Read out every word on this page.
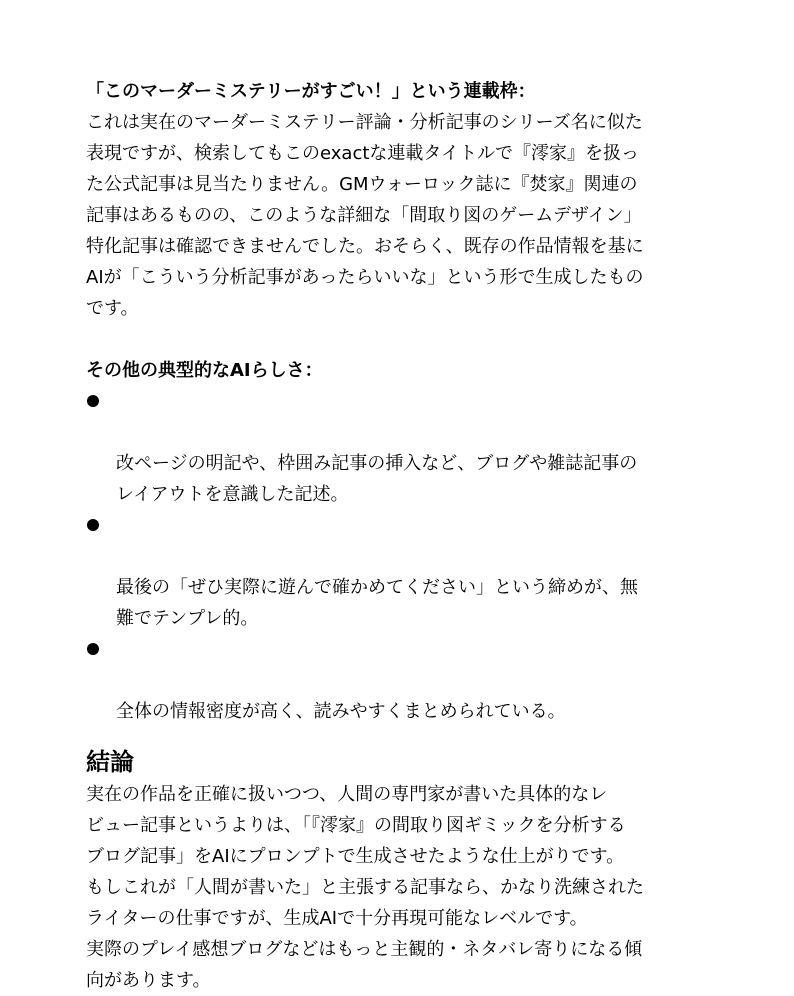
「このマーダーミステリーがすごい！」という連載枠：

これは実在のマーダーミステリー評論・分析記事のシリーズ名に似た
表現ですが、検索してもこのexactな連載タイトルで『澪家』を扱っ
た公式記事は見当たりません。GMウォーロック誌に『焚家』関連の
記事はあるものの、このような詳細な「間取り図のゲームデザイン」
特化記事は確認できませんでした。おそらく、既存の作品情報を基に
AIが「こういう分析記事があったらいいな」という形で生成したもの
です。

その他の典型的なAIらしさ：

改ページの明記や、枠囲み記事の挿入など、ブログや雑誌記事の
レイアウトを意識した記述。

最後の「ぜひ実際に遊んで確かめてください」という締めが、無
難でテンプレ的。

全体の情報密度が高く、読みやすくまとめられている。

結論

実在の作品を正確に扱いつつ、人間の専門家が書いた具体的なレ
ビュー記事というよりは、「『澪家』の間取り図ギミックを分析する
ブログ記事」をAIにプロンプトで生成させたような仕上がりです。
もしこれが「人間が書いた」と主張する記事なら、かなり洗練された
ライターの仕事ですが、生成AIで十分再現可能なレベルです。
実際のプレイ感想ブログなどはもっと主観的・ネタバレ寄りになる傾
向があります。
